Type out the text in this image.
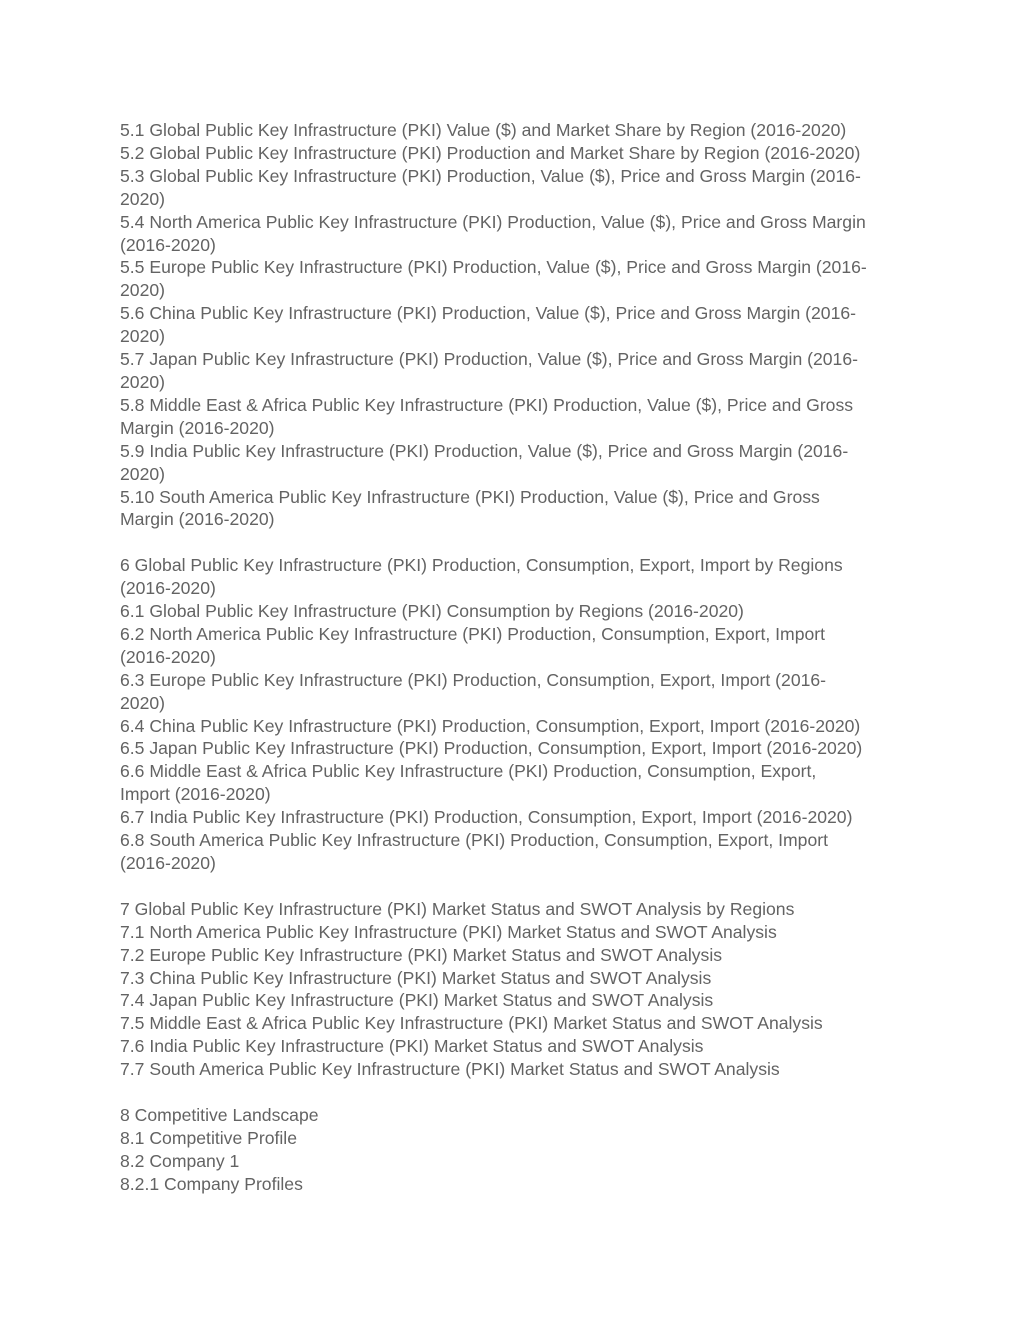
5.1 Global Public Key Infrastructure (PKI) Value ($) and Market Share by Region (2016-2020)
5.2 Global Public Key Infrastructure (PKI) Production and Market Share by Region (2016-2020)
5.3 Global Public Key Infrastructure (PKI) Production, Value ($), Price and Gross Margin (2016-
2020)
5.4 North America Public Key Infrastructure (PKI) Production, Value ($), Price and Gross Margin
(2016-2020)
5.5 Europe Public Key Infrastructure (PKI) Production, Value ($), Price and Gross Margin (2016-
2020)
5.6 China Public Key Infrastructure (PKI) Production, Value ($), Price and Gross Margin (2016-
2020)
5.7 Japan Public Key Infrastructure (PKI) Production, Value ($), Price and Gross Margin (2016-
2020)
5.8 Middle East & Africa Public Key Infrastructure (PKI) Production, Value ($), Price and Gross
Margin (2016-2020)
5.9 India Public Key Infrastructure (PKI) Production, Value ($), Price and Gross Margin (2016-
2020)
5.10 South America Public Key Infrastructure (PKI) Production, Value ($), Price and Gross
Margin (2016-2020)
6 Global Public Key Infrastructure (PKI) Production, Consumption, Export, Import by Regions
(2016-2020)
6.1 Global Public Key Infrastructure (PKI) Consumption by Regions (2016-2020)
6.2 North America Public Key Infrastructure (PKI) Production, Consumption, Export, Import
(2016-2020)
6.3 Europe Public Key Infrastructure (PKI) Production, Consumption, Export, Import (2016-
2020)
6.4 China Public Key Infrastructure (PKI) Production, Consumption, Export, Import (2016-2020)
6.5 Japan Public Key Infrastructure (PKI) Production, Consumption, Export, Import (2016-2020)
6.6 Middle East & Africa Public Key Infrastructure (PKI) Production, Consumption, Export,
Import (2016-2020)
6.7 India Public Key Infrastructure (PKI) Production, Consumption, Export, Import (2016-2020)
6.8 South America Public Key Infrastructure (PKI) Production, Consumption, Export, Import
(2016-2020)
7 Global Public Key Infrastructure (PKI) Market Status and SWOT Analysis by Regions
7.1 North America Public Key Infrastructure (PKI) Market Status and SWOT Analysis
7.2 Europe Public Key Infrastructure (PKI) Market Status and SWOT Analysis
7.3 China Public Key Infrastructure (PKI) Market Status and SWOT Analysis
7.4 Japan Public Key Infrastructure (PKI) Market Status and SWOT Analysis
7.5 Middle East & Africa Public Key Infrastructure (PKI) Market Status and SWOT Analysis
7.6 India Public Key Infrastructure (PKI) Market Status and SWOT Analysis
7.7 South America Public Key Infrastructure (PKI) Market Status and SWOT Analysis
8 Competitive Landscape
8.1 Competitive Profile
8.2 Company 1
8.2.1 Company Profiles
